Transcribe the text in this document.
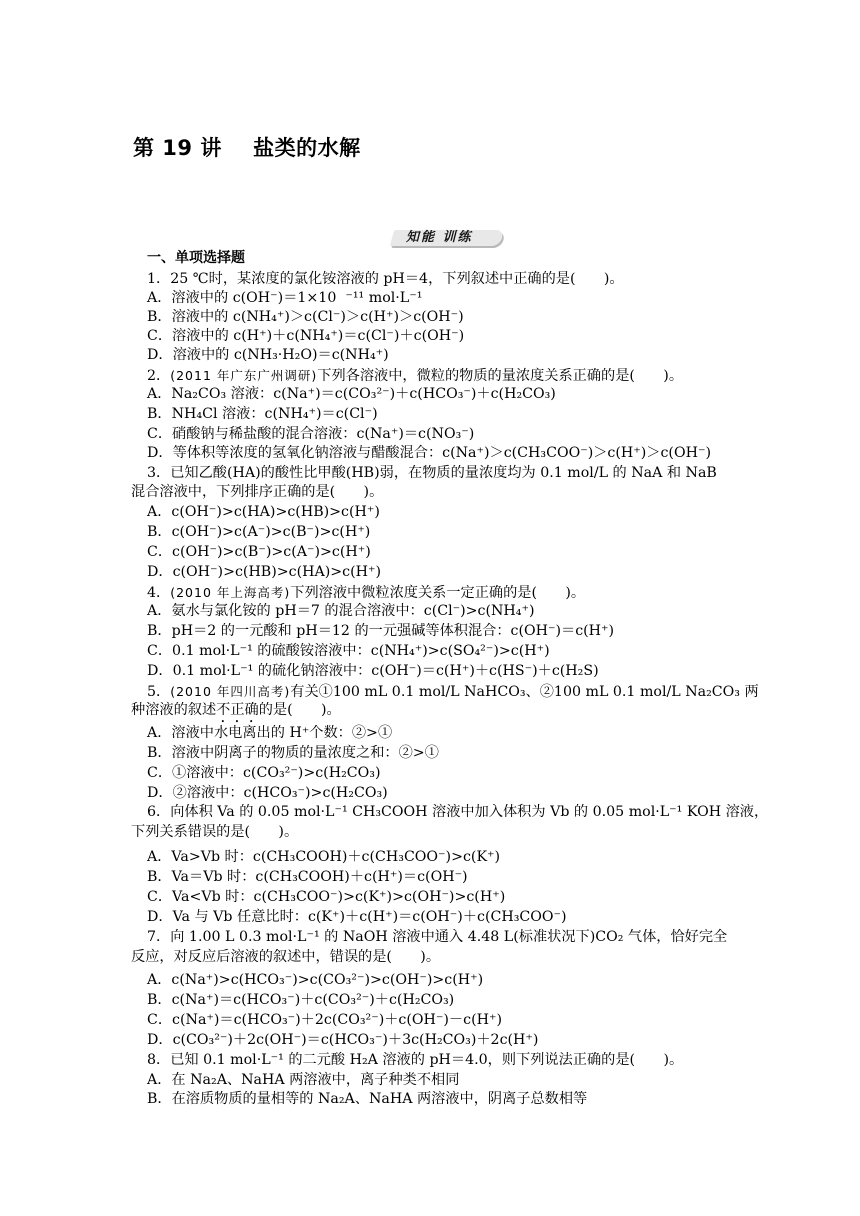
第 19 讲    盐类的水解
知能 训练
一、单项选择题
1．25 ℃时，某浓度的氯化铵溶液的 pH＝4，下列叙述中正确的是(　　)。
A．溶液中的 c(OH⁻)＝1×10  ⁻¹¹ mol·L⁻¹
B．溶液中的 c(NH₄⁺)＞c(Cl⁻)＞c(H⁺)＞c(OH⁻)
C．溶液中的 c(H⁺)＋c(NH₄⁺)＝c(Cl⁻)＋c(OH⁻)
D．溶液中的 c(NH₃·H₂O)＝c(NH₄⁺)
2．(2011 年广东广州调研)下列各溶液中，微粒的物质的量浓度关系正确的是(　　)。
A．Na₂CO₃ 溶液：c(Na⁺)＝c(CO₃²⁻)＋c(HCO₃⁻)＋c(H₂CO₃)
B．NH₄Cl 溶液：c(NH₄⁺)＝c(Cl⁻)
C．硝酸钠与稀盐酸的混合溶液：c(Na⁺)＝c(NO₃⁻)
D．等体积等浓度的氢氧化钠溶液与醋酸混合：c(Na⁺)＞c(CH₃COO⁻)＞c(H⁺)＞c(OH⁻)
3．已知乙酸(HA)的酸性比甲酸(HB)弱，在物质的量浓度均为 0.1 mol/L 的 NaA 和 NaB
混合溶液中，下列排序正确的是(　　)。
A．c(OH⁻)>c(HA)>c(HB)>c(H⁺)
B．c(OH⁻)>c(A⁻)>c(B⁻)>c(H⁺)
C．c(OH⁻)>c(B⁻)>c(A⁻)>c(H⁺)
D．c(OH⁻)>c(HB)>c(HA)>c(H⁺)
4．(2010 年上海高考)下列溶液中微粒浓度关系一定正确的是(　　)。
A．氨水与氯化铵的 pH＝7 的混合溶液中：c(Cl⁻)>c(NH₄⁺)
B．pH＝2 的一元酸和 pH＝12 的一元强碱等体积混合：c(OH⁻)＝c(H⁺)
C．0.1 mol·L⁻¹ 的硫酸铵溶液中：c(NH₄⁺)>c(SO₄²⁻)>c(H⁺)
D．0.1 mol·L⁻¹ 的硫化钠溶液中：c(OH⁻)＝c(H⁺)＋c(HS⁻)＋c(H₂S)
5．(2010 年四川高考)有关①100 mL 0.1 mol/L NaHCO₃、②100 mL 0.1 mol/L Na₂CO₃ 两
种溶液的叙述不正确的是(　　)。
A．溶液中水电离出的 H⁺个数：②>①
B．溶液中阴离子的物质的量浓度之和：②>①
C．①溶液中：c(CO₃²⁻)>c(H₂CO₃)
D．②溶液中：c(HCO₃⁻)>c(H₂CO₃)
6．向体积 Va 的 0.05 mol·L⁻¹ CH₃COOH 溶液中加入体积为 Vb 的 0.05 mol·L⁻¹ KOH 溶液，
下列关系错误的是(　　)。
A．Va>Vb 时：c(CH₃COOH)＋c(CH₃COO⁻)>c(K⁺)
B．Va＝Vb 时：c(CH₃COOH)＋c(H⁺)＝c(OH⁻)
C．Va<Vb 时：c(CH₃COO⁻)>c(K⁺)>c(OH⁻)>c(H⁺)
D．Va 与 Vb 任意比时：c(K⁺)＋c(H⁺)＝c(OH⁻)＋c(CH₃COO⁻)
7．向 1.00 L 0.3 mol·L⁻¹ 的 NaOH 溶液中通入 4.48 L(标准状况下)CO₂ 气体，恰好完全
反应，对反应后溶液的叙述中，错误的是(　　)。
A．c(Na⁺)>c(HCO₃⁻)>c(CO₃²⁻)>c(OH⁻)>c(H⁺)
B．c(Na⁺)＝c(HCO₃⁻)＋c(CO₃²⁻)＋c(H₂CO₃)
C．c(Na⁺)＝c(HCO₃⁻)＋2c(CO₃²⁻)＋c(OH⁻)－c(H⁺)
D．c(CO₃²⁻)＋2c(OH⁻)＝c(HCO₃⁻)＋3c(H₂CO₃)＋2c(H⁺)
8．已知 0.1 mol·L⁻¹ 的二元酸 H₂A 溶液的 pH＝4.0，则下列说法正确的是(　　)。
A．在 Na₂A、NaHA 两溶液中，离子种类不相同
B．在溶质物质的量相等的 Na₂A、NaHA 两溶液中，阴离子总数相等
